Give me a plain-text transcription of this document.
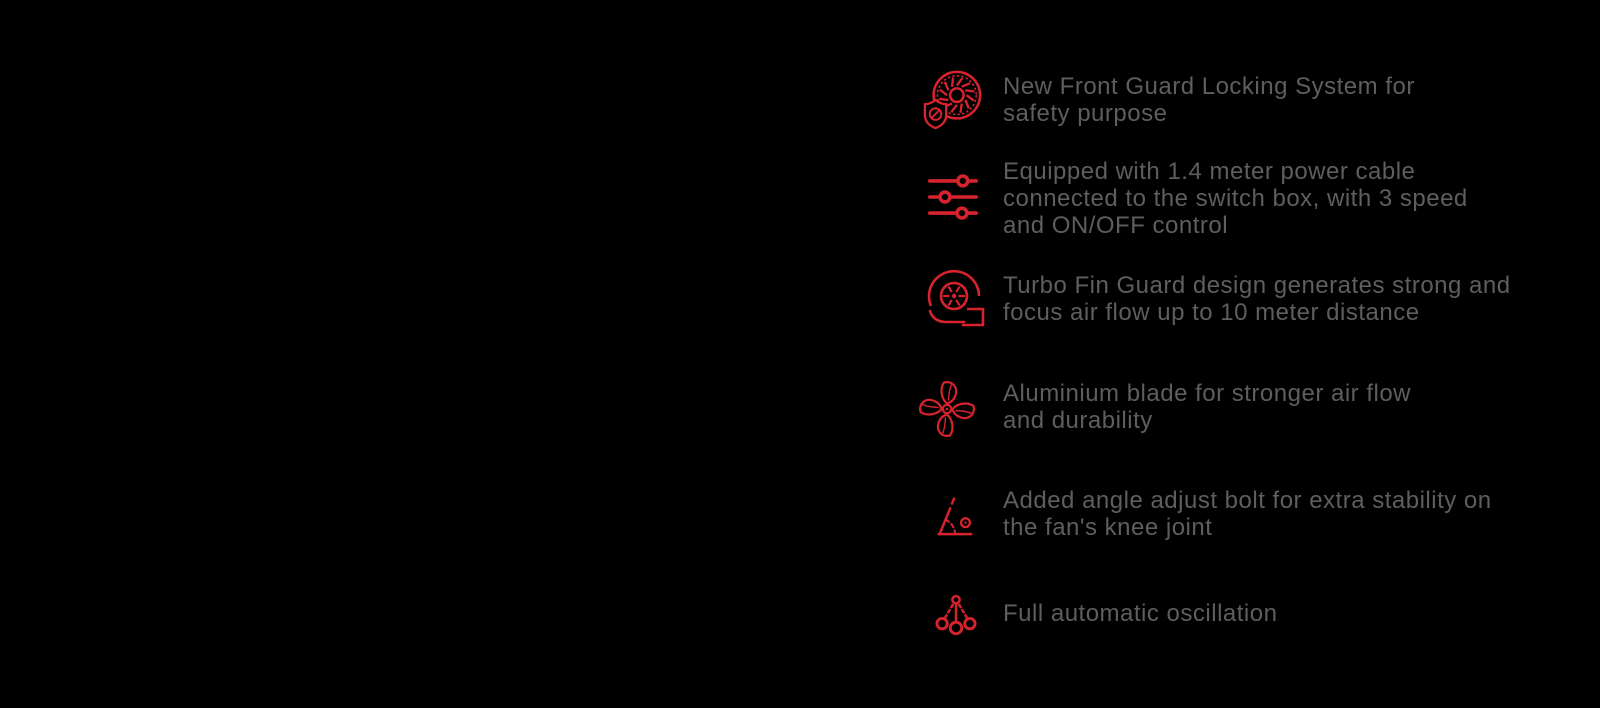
New Front Guard Locking System for
safety purpose
Equipped with 1.4 meter power cable
connected to the switch box, with 3 speed
and ON/OFF control
Turbo Fin Guard design generates strong and
focus air flow up to 10 meter distance
Aluminium blade for stronger air flow
and durability
Added angle adjust bolt for extra stability on
the fan's knee joint
Full automatic oscillation
